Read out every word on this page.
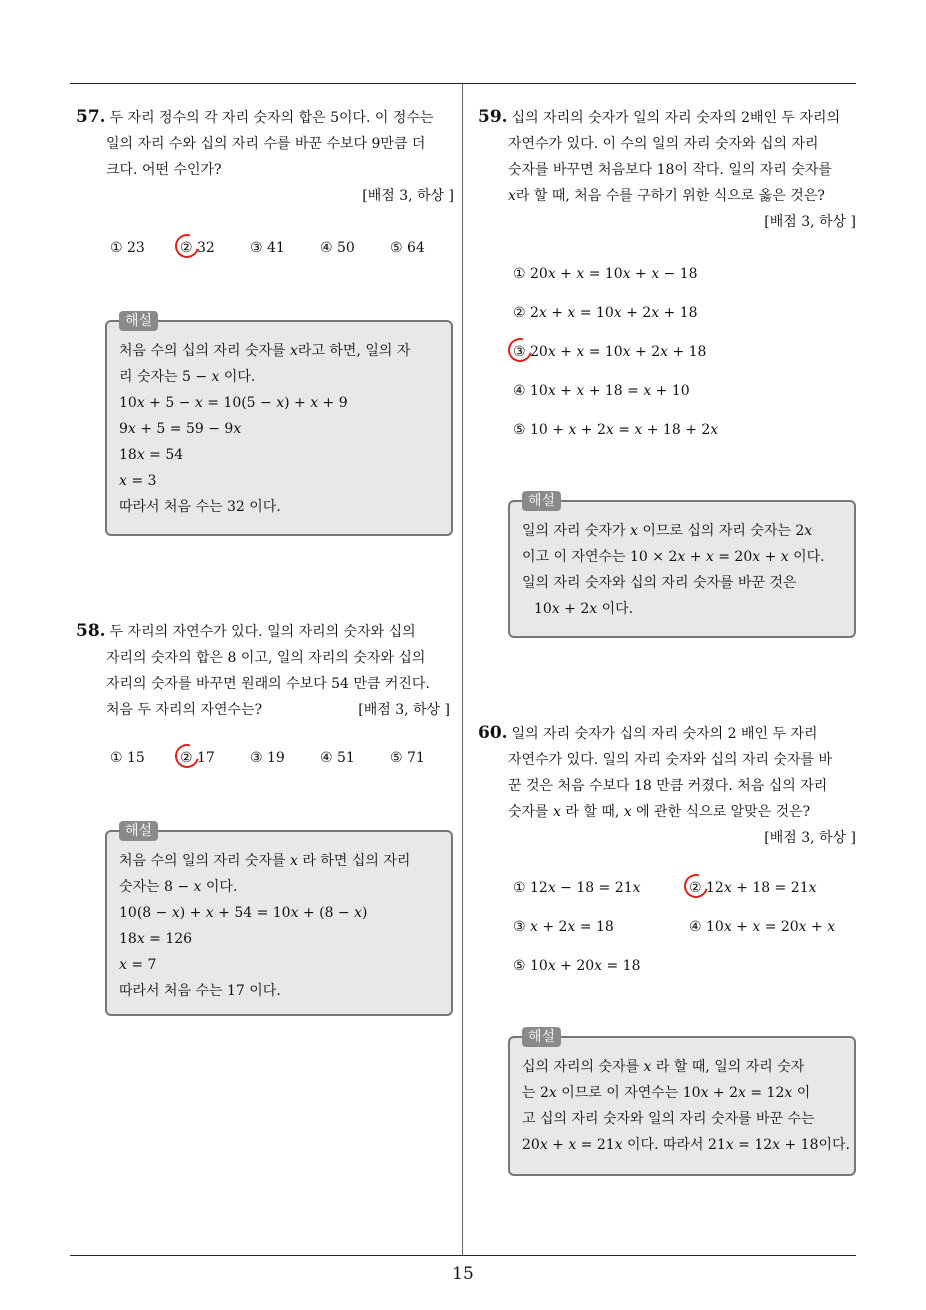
57. 두 자리 정수의 각 자리 숫자의 합은 5이다. 이 정수는
일의 자리 수와 십의 자리 수를 바꾼 수보다 9만큼 더
크다. 어떤 수인가?
[배점 3, 하상 ]
① 23	② 32	③ 41	④ 50	⑤ 64
해설
처음 수의 십의 자리 숫자를 𝑥라고 하면, 일의 자
리 숫자는 5 − 𝑥 이다.
10𝑥 + 5 − 𝑥 = 10(5 − 𝑥) + 𝑥 + 9
9𝑥 + 5 = 59 − 9𝑥
18𝑥 = 54
𝑥 = 3
따라서 처음 수는 32 이다.
58. 두 자리의 자연수가 있다. 일의 자리의 숫자와 십의
자리의 숫자의 합은 8 이고, 일의 자리의 숫자와 십의
자리의 숫자를 바꾸면 원래의 수보다 54 만큼 커진다.
처음 두 자리의 자연수는?	[배점 3, 하상 ]
① 15	② 17	③ 19	④ 51	⑤ 71
해설
처음 수의 일의 자리 숫자를 𝑥 라 하면 십의 자리
숫자는 8 − 𝑥 이다.
10(8 − 𝑥) + 𝑥 + 54 = 10𝑥 + (8 − 𝑥)
18𝑥 = 126
𝑥 = 7
따라서 처음 수는 17 이다.
59. 십의 자리의 숫자가 일의 자리 숫자의 2배인 두 자리의
자연수가 있다. 이 수의 일의 자리 숫자와 십의 자리
숫자를 바꾸면 처음보다 18이 작다. 일의 자리 숫자를
𝑥라 할 때, 처음 수를 구하기 위한 식으로 옳은 것은?
[배점 3, 하상 ]
① 20𝑥 + 𝑥 = 10𝑥 + 𝑥 − 18
② 2𝑥 + 𝑥 = 10𝑥 + 2𝑥 + 18
③ 20𝑥 + 𝑥 = 10𝑥 + 2𝑥 + 18
④ 10𝑥 + 𝑥 + 18 = 𝑥 + 10
⑤ 10 + 𝑥 + 2𝑥 = 𝑥 + 18 + 2𝑥
해설
일의 자리 숫자가 𝑥 이므로 십의 자리 숫자는 2𝑥
이고 이 자연수는 10 × 2𝑥 + 𝑥 = 20𝑥 + 𝑥 이다.
일의 자리 숫자와 십의 자리 숫자를 바꾼 것은
10𝑥 + 2𝑥 이다.
60. 일의 자리 숫자가 십의 자리 숫자의 2 배인 두 자리
자연수가 있다. 일의 자리 숫자와 십의 자리 숫자를 바
꾼 것은 처음 수보다 18 만큼 커졌다. 처음 십의 자리
숫자를 𝑥 라 할 때, 𝑥 에 관한 식으로 알맞은 것은?
[배점 3, 하상 ]
① 12𝑥 − 18 = 21𝑥	② 12𝑥 + 18 = 21𝑥
③ 𝑥 + 2𝑥 = 18	④ 10𝑥 + 𝑥 = 20𝑥 + 𝑥
⑤ 10𝑥 + 20𝑥 = 18
해설
십의 자리의 숫자를 𝑥 라 할 때, 일의 자리 숫자
는 2𝑥 이므로 이 자연수는 10𝑥 + 2𝑥 = 12𝑥 이
고 십의 자리 숫자와 일의 자리 숫자를 바꾼 수는
20𝑥 + 𝑥 = 21𝑥 이다. 따라서 21𝑥 = 12𝑥 + 18이다.
15
